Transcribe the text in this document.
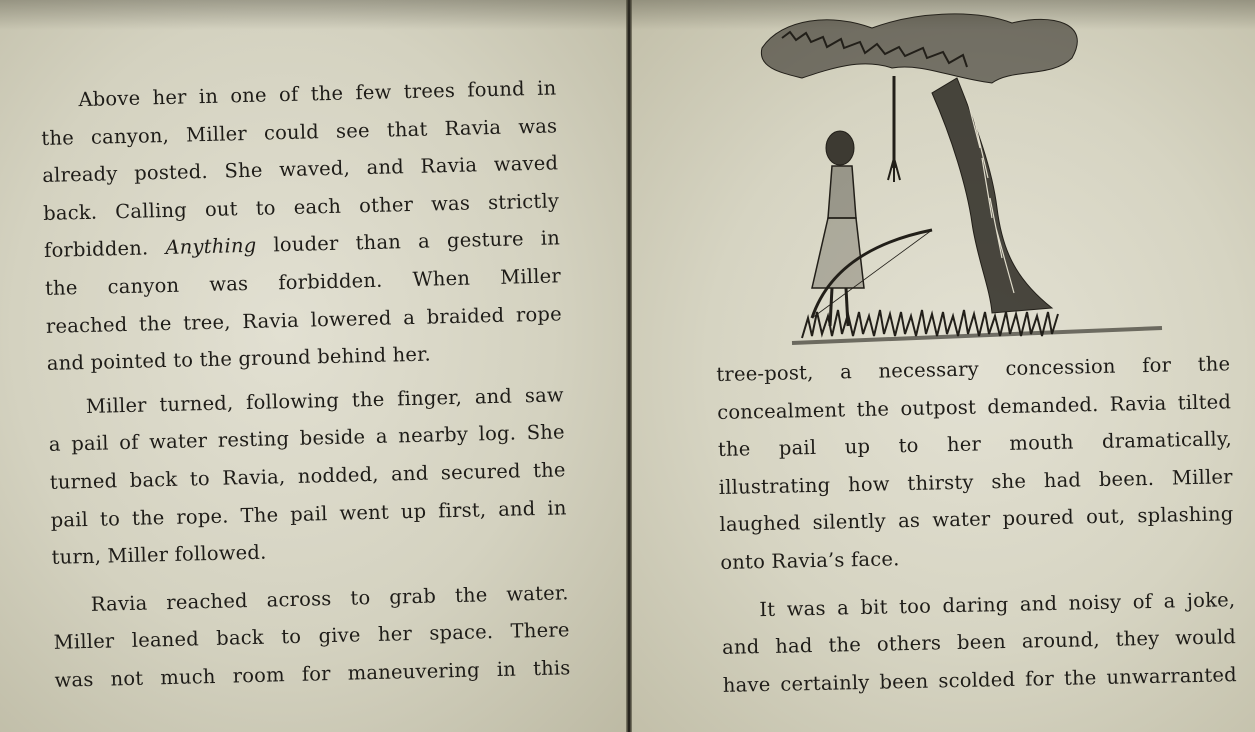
Above her in one of the few trees found in
the canyon, Miller could see that Ravia was
already posted. She waved, and Ravia waved
back. Calling out to each other was strictly
forbidden. Anything louder than a gesture in
the canyon was forbidden. When Miller
reached the tree, Ravia lowered a braided rope
and pointed to the ground behind her.

Miller turned, following the finger, and saw
a pail of water resting beside a nearby log. She
turned back to Ravia, nodded, and secured the
pail to the rope. The pail went up first, and in
turn, Miller followed.

Ravia reached across to grab the water.
Miller leaned back to give her space. There
was not much room for maneuvering in this

tree-post, a necessary concession for the
concealment the outpost demanded. Ravia tilted
the pail up to her mouth dramatically,
illustrating how thirsty she had been. Miller
laughed silently as water poured out, splashing
onto Ravia’s face.

It was a bit too daring and noisy of a joke,
and had the others been around, they would
have certainly been scolded for the unwarranted
